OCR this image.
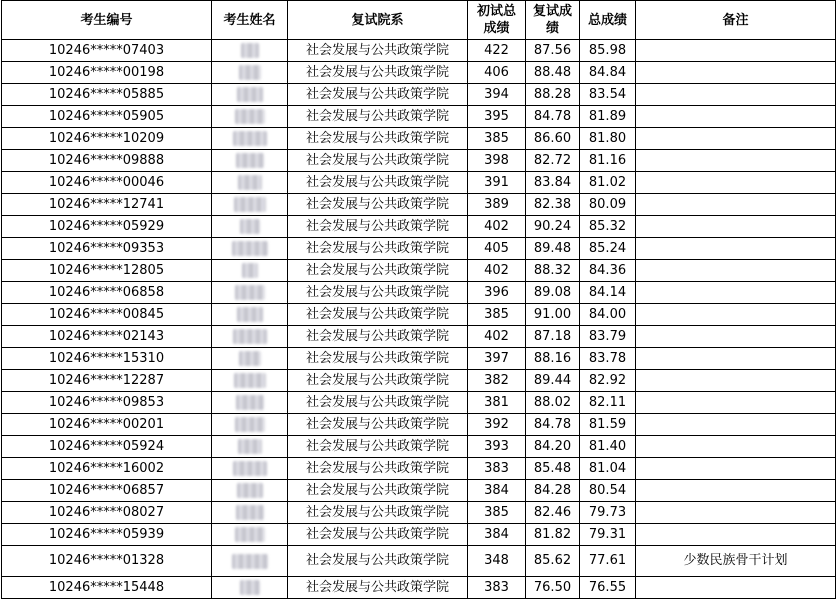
考生编号	考生姓名	复试院系	初试总
成绩	复试成
绩	总成绩	备注
10246*****07403		社会发展与公共政策学院	422	87.56	85.98	
10246*****00198		社会发展与公共政策学院	406	88.48	84.84	
10246*****05885		社会发展与公共政策学院	394	88.28	83.54	
10246*****05905		社会发展与公共政策学院	395	84.78	81.89	
10246*****10209		社会发展与公共政策学院	385	86.60	81.80	
10246*****09888		社会发展与公共政策学院	398	82.72	81.16	
10246*****00046		社会发展与公共政策学院	391	83.84	81.02	
10246*****12741		社会发展与公共政策学院	389	82.38	80.09	
10246*****05929		社会发展与公共政策学院	402	90.24	85.32	
10246*****09353		社会发展与公共政策学院	405	89.48	85.24	
10246*****12805		社会发展与公共政策学院	402	88.32	84.36	
10246*****06858		社会发展与公共政策学院	396	89.08	84.14	
10246*****00845		社会发展与公共政策学院	385	91.00	84.00	
10246*****02143		社会发展与公共政策学院	402	87.18	83.79	
10246*****15310		社会发展与公共政策学院	397	88.16	83.78	
10246*****12287		社会发展与公共政策学院	382	89.44	82.92	
10246*****09853		社会发展与公共政策学院	381	88.02	82.11	
10246*****00201		社会发展与公共政策学院	392	84.78	81.59	
10246*****05924		社会发展与公共政策学院	393	84.20	81.40	
10246*****16002		社会发展与公共政策学院	383	85.48	81.04	
10246*****06857		社会发展与公共政策学院	384	84.28	80.54	
10246*****08027		社会发展与公共政策学院	385	82.46	79.73	
10246*****05939		社会发展与公共政策学院	384	81.82	79.31	
10246*****01328		社会发展与公共政策学院	348	85.62	77.61	少数民族骨干计划
10246*****15448		社会发展与公共政策学院	383	76.50	76.55	
